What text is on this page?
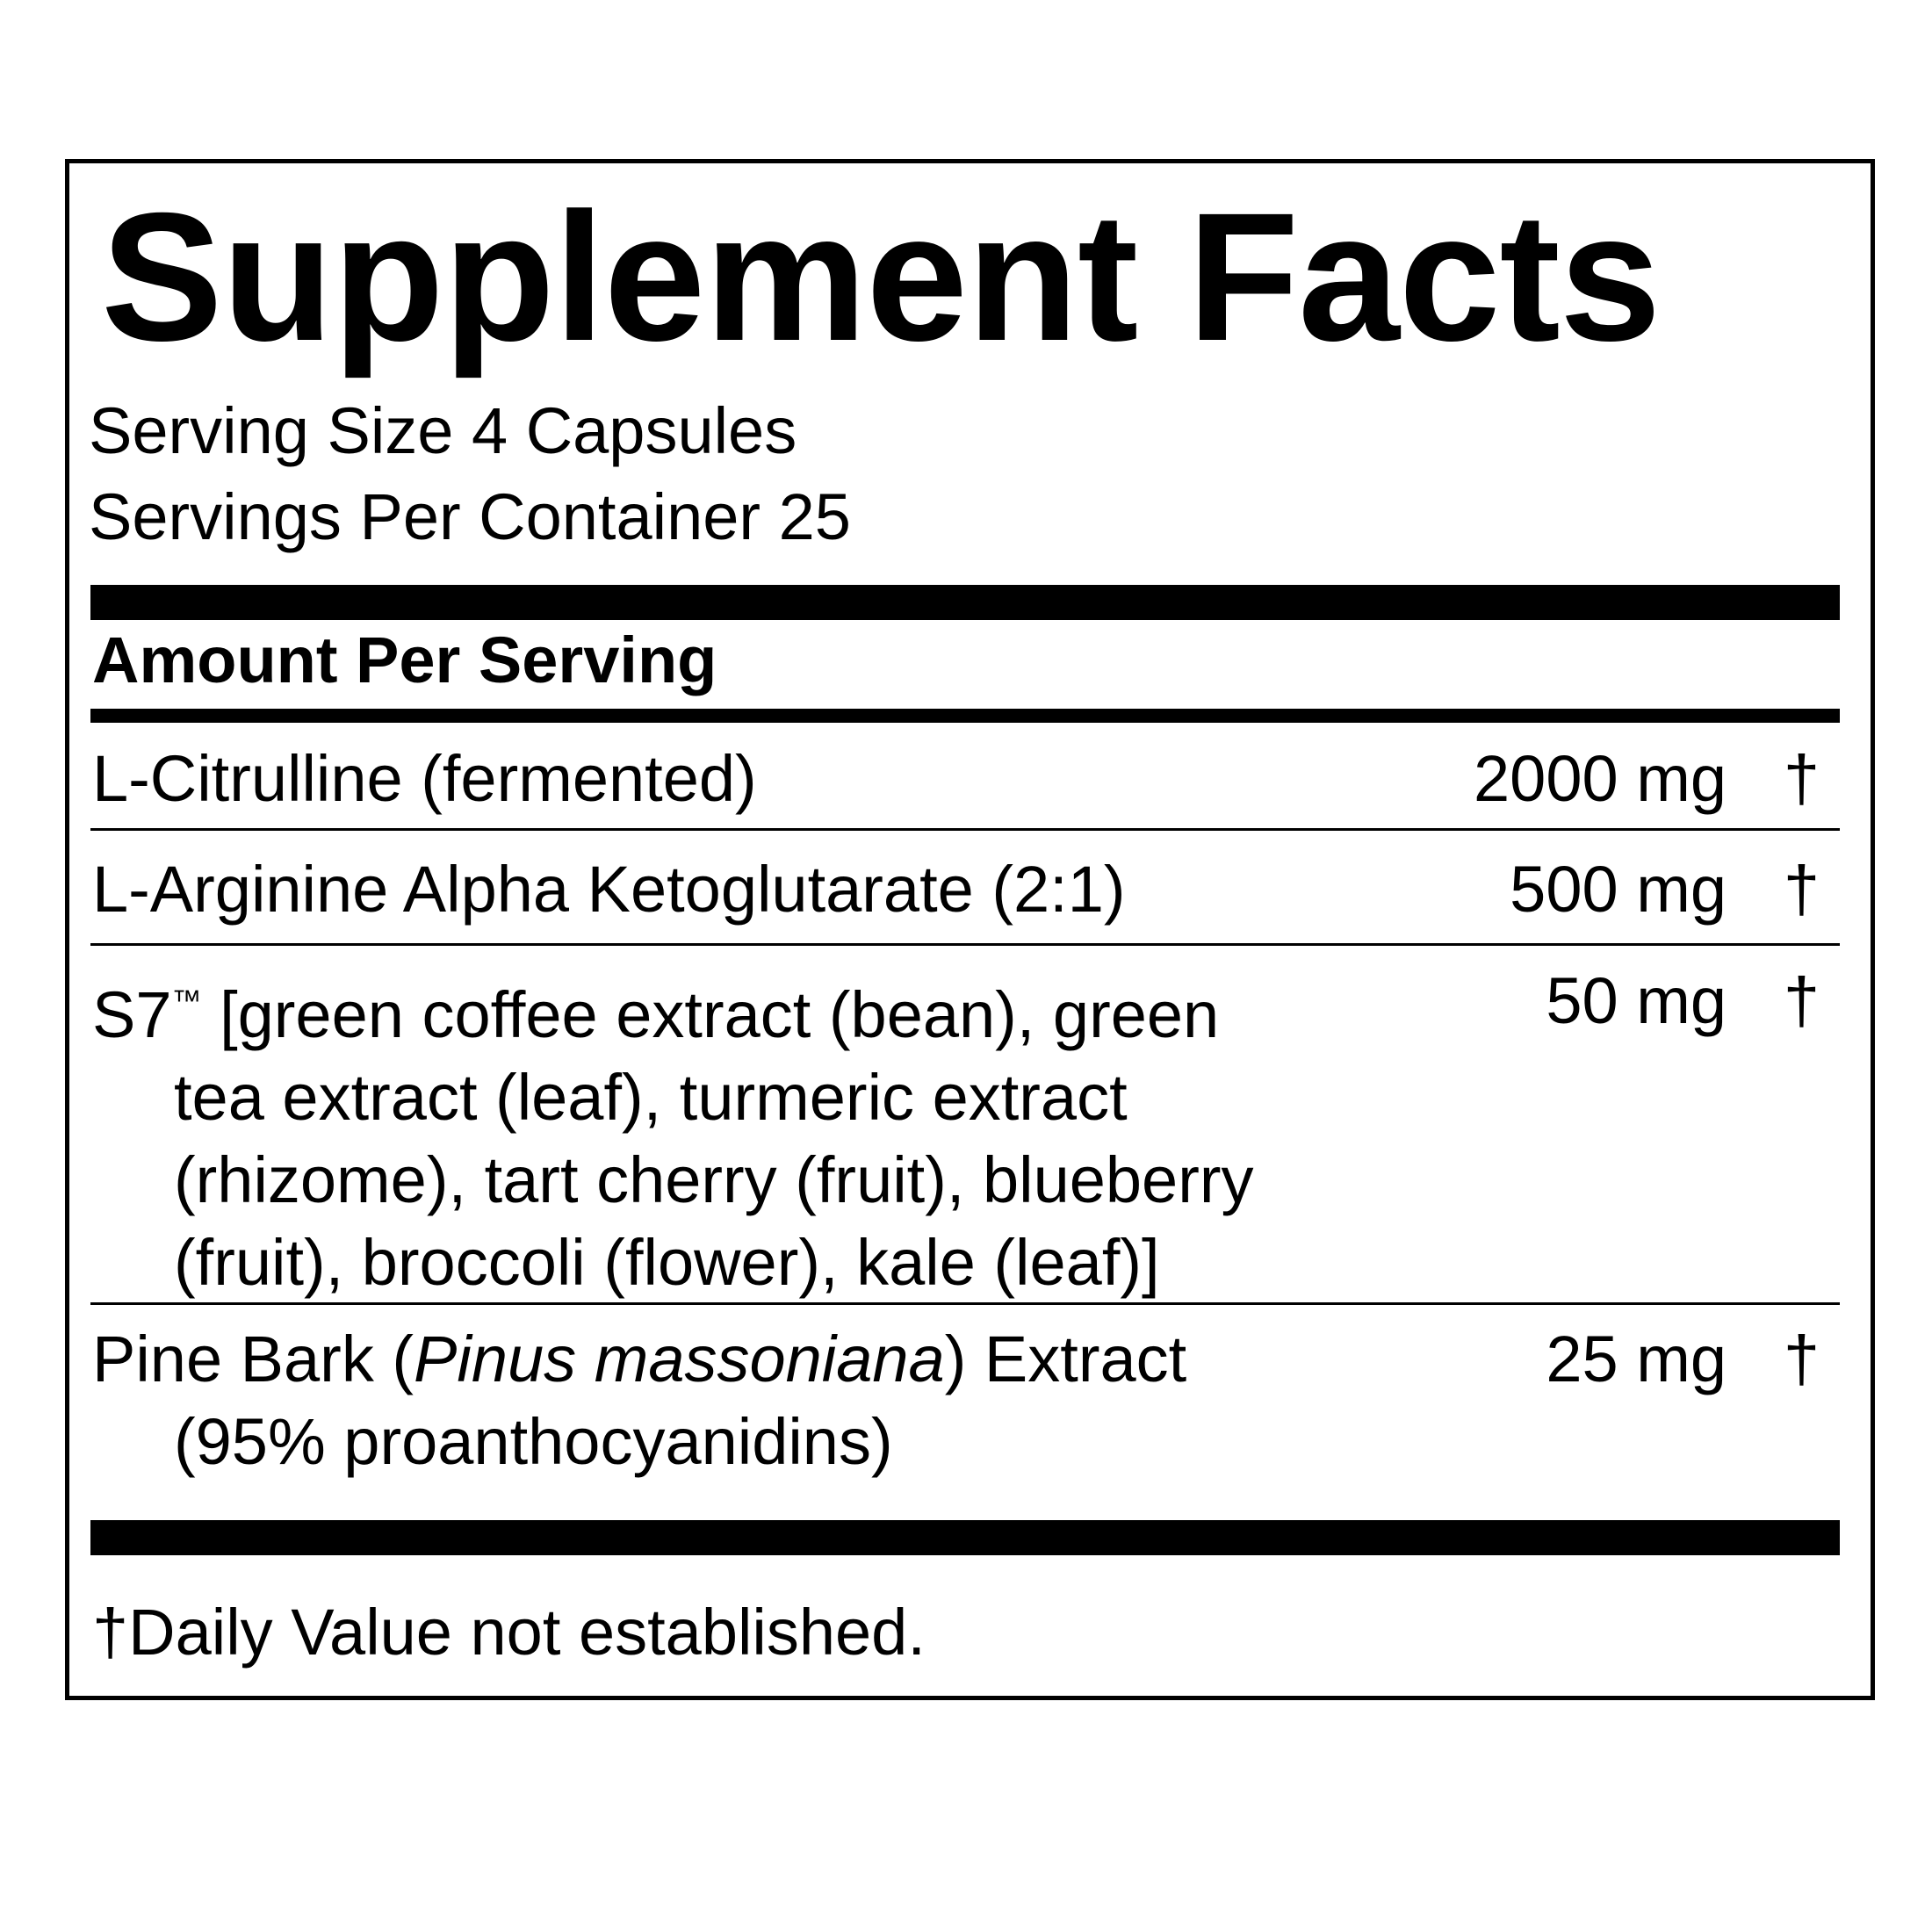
Supplement Facts
Serving Size 4 Capsules
Servings Per Container 25
Amount Per Serving
L-Citrulline (fermented)	2000 mg †
L-Arginine Alpha Ketoglutarate (2:1)	500 mg †
S7™ [green coffee extract (bean), green
tea extract (leaf), turmeric extract
(rhizome), tart cherry (fruit), blueberry
(fruit), broccoli (flower), kale (leaf)]
50 mg †
Pine Bark (Pinus massoniana) Extract
(95% proanthocyanidins)
25 mg †
†Daily Value not established.
